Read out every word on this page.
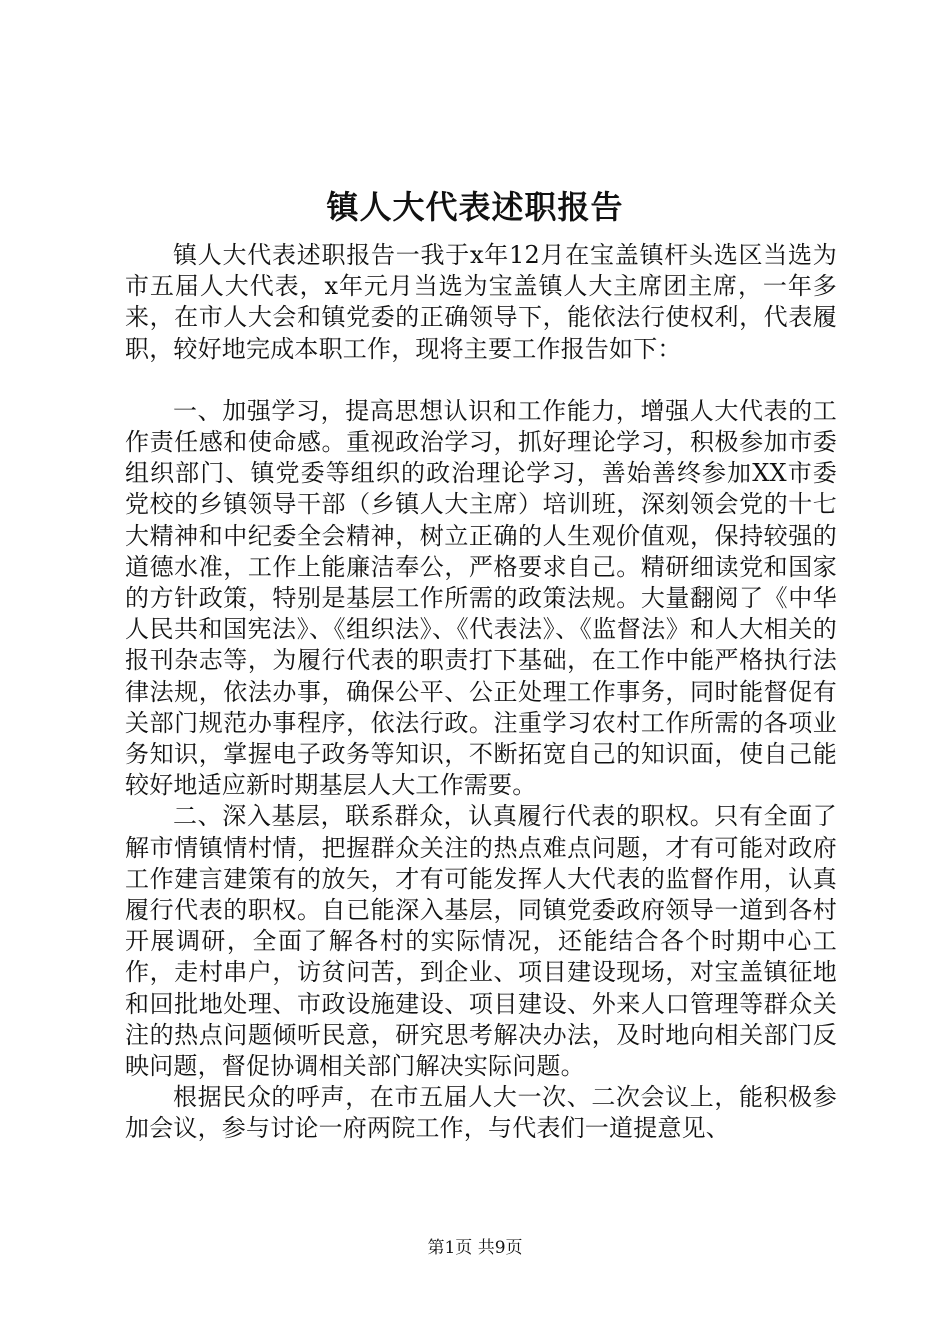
镇人大代表述职报告

镇人大代表述职报告一我于x年12月在宝盖镇杆头选区当选为市五届人大代表，x年元月当选为宝盖镇人大主席团主席，一年多来，在市人大会和镇党委的正确领导下，能依法行使权利，代表履职，较好地完成本职工作，现将主要工作报告如下：

一、加强学习，提高思想认识和工作能力，增强人大代表的工作责任感和使命感。重视政治学习，抓好理论学习，积极参加市委组织部门、镇党委等组织的政治理论学习，善始善终参加XX市委党校的乡镇领导干部（乡镇人大主席）培训班，深刻领会党的十七大精神和中纪委全会精神，树立正确的人生观价值观，保持较强的道德水准，工作上能廉洁奉公，严格要求自己。精研细读党和国家的方针政策，特别是基层工作所需的政策法规。大量翻阅了《中华人民共和国宪法》、《组织法》、《代表法》、《监督法》和人大相关的报刊杂志等，为履行代表的职责打下基础，在工作中能严格执行法律法规，依法办事，确保公平、公正处理工作事务，同时能督促有关部门规范办事程序，依法行政。注重学习农村工作所需的各项业务知识，掌握电子政务等知识，不断拓宽自己的知识面，使自己能较好地适应新时期基层人大工作需要。

二、深入基层，联系群众，认真履行代表的职权。只有全面了解市情镇情村情，把握群众关注的热点难点问题，才有可能对政府工作建言建策有的放矢，才有可能发挥人大代表的监督作用，认真履行代表的职权。自已能深入基层，同镇党委政府领导一道到各村开展调研，全面了解各村的实际情况，还能结合各个时期中心工作，走村串户，访贫问苦，到企业、项目建设现场，对宝盖镇征地和回批地处理、市政设施建设、项目建设、外来人口管理等群众关注的热点问题倾听民意，研究思考解决办法，及时地向相关部门反映问题，督促协调相关部门解决实际问题。

根据民众的呼声，在市五届人大一次、二次会议上，能积极参加会议，参与讨论一府两院工作，与代表们一道提意见、

第1页 共9页
